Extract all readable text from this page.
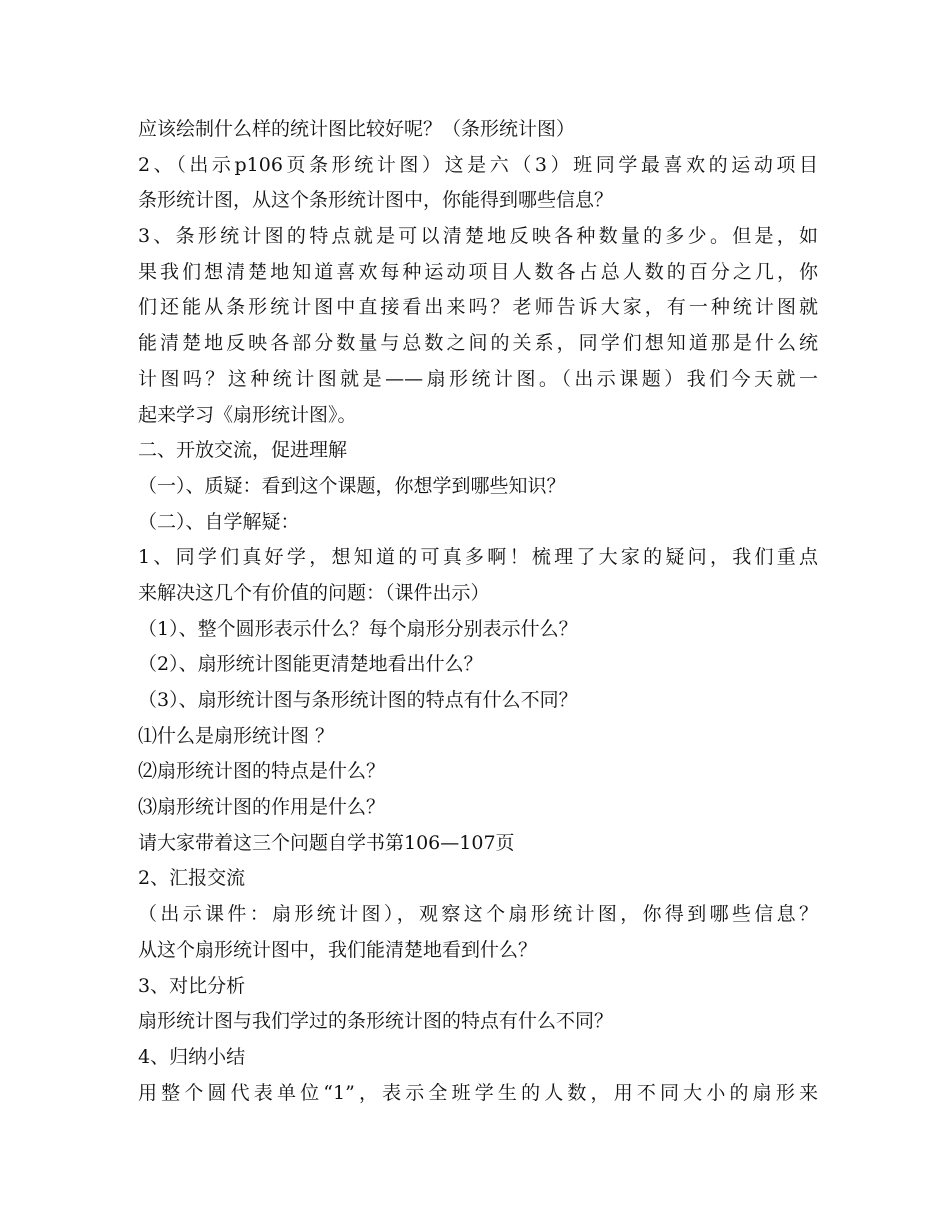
应该绘制什么样的统计图比较好呢？（条形统计图）
2、（出示p106页条形统计图）这是六（3）班同学最喜欢的运动项目
条形统计图，从这个条形统计图中，你能得到哪些信息？
3、条形统计图的特点就是可以清楚地反映各种数量的多少。但是，如
果我们想清楚地知道喜欢每种运动项目人数各占总人数的百分之几，你
们还能从条形统计图中直接看出来吗？老师告诉大家，有一种统计图就
能清楚地反映各部分数量与总数之间的关系，同学们想知道那是什么统
计图吗？这种统计图就是——扇形统计图。（出示课题）我们今天就一
起来学习《扇形统计图》。
二、开放交流，促进理解
（一）、质疑：看到这个课题，你想学到哪些知识？
（二）、自学解疑：
1、同学们真好学，想知道的可真多啊！梳理了大家的疑问，我们重点
来解决这几个有价值的问题：（课件出示）
（1）、整个圆形表示什么？每个扇形分别表示什么？
（2）、扇形统计图能更清楚地看出什么？
（3）、扇形统计图与条形统计图的特点有什么不同？
⑴什么是扇形统计图 ？
⑵扇形统计图的特点是什么？
⑶扇形统计图的作用是什么？
请大家带着这三个问题自学书第106—107页
2、汇报交流
（出示课件：扇形统计图），观察这个扇形统计图，你得到哪些信息？
从这个扇形统计图中，我们能清楚地看到什么？
3、对比分析
扇形统计图与我们学过的条形统计图的特点有什么不同？
4、归纳小结
用整个圆代表单位“1”，表示全班学生的人数，用不同大小的扇形来
